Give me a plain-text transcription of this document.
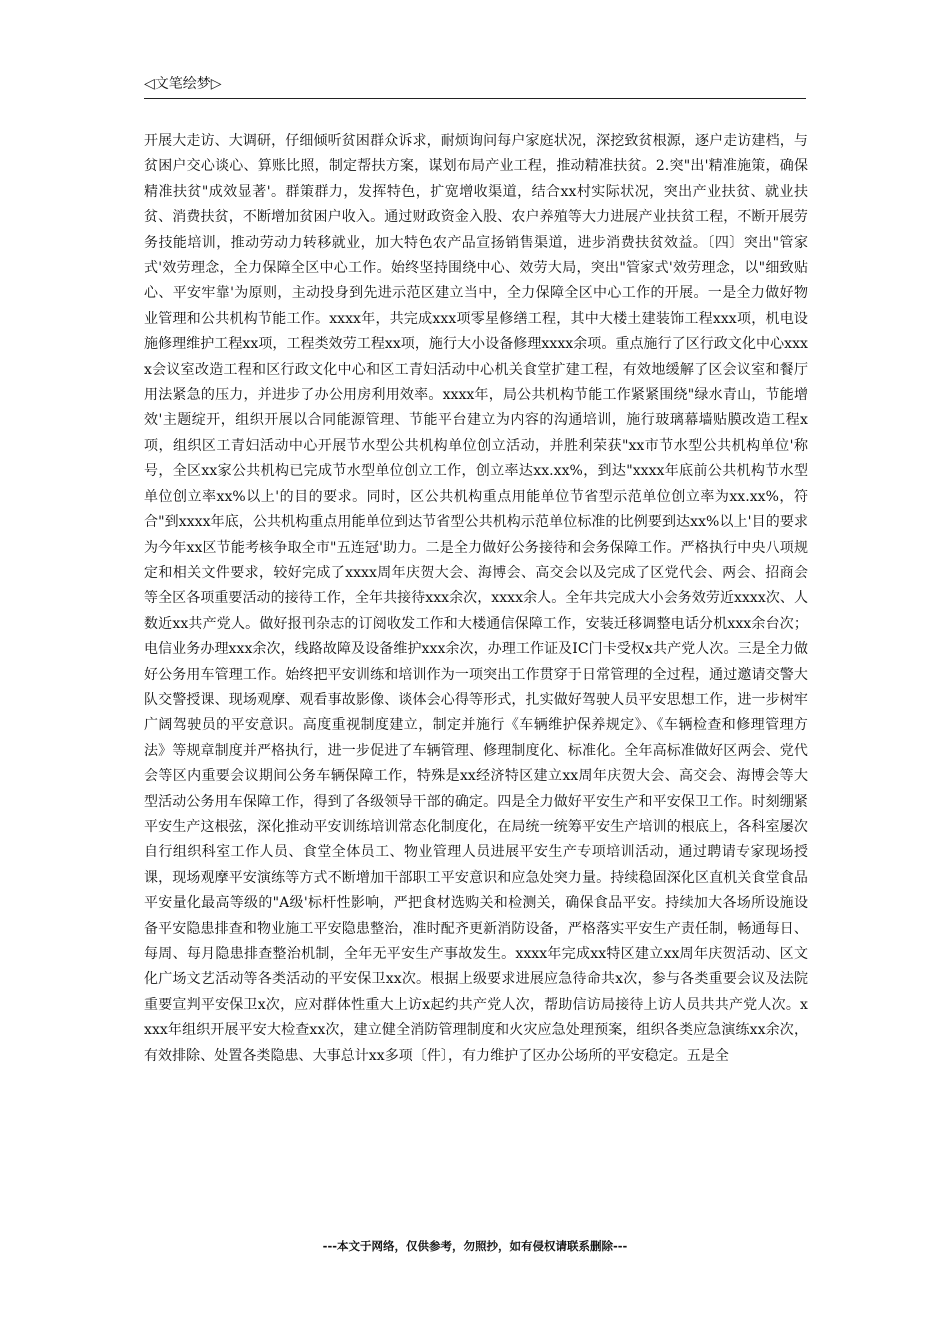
◁文笔绘梦▷

开展大走访、大调研，仔细倾听贫困群众诉求，耐烦询问每户家庭状况，深挖致贫根源，逐户走访建档，与贫困户交心谈心、算账比照，制定帮扶方案，谋划布局产业工程，推动精准扶贫。2.突"出'精准施策，确保精准扶贫"成效显著'。群策群力，发挥特色，扩宽增收渠道，结合xx村实际状况，突出产业扶贫、就业扶贫、消费扶贫，不断增加贫困户收入。通过财政资金入股、农户养殖等大力进展产业扶贫工程，不断开展劳务技能培训，推动劳动力转移就业，加大特色农产品宣扬销售渠道，进步消费扶贫效益。〔四〕突出"管家式'效劳理念，全力保障全区中心工作。始终坚持围绕中心、效劳大局，突出"管家式'效劳理念，以"细致贴心、平安牢靠'为原则，主动投身到先进示范区建立当中，全力保障全区中心工作的开展。一是全力做好物业管理和公共机构节能工作。xxxx年，共完成xxx项零星修缮工程，其中大楼土建装饰工程xxx项，机电设施修理维护工程xx项，工程类效劳工程xx项，施行大小设备修理xxxx余项。重点施行了区行政文化中心xxxx会议室改造工程和区行政文化中心和区工青妇活动中心机关食堂扩建工程，有效地缓解了区会议室和餐厅用法紧急的压力，并进步了办公用房利用效率。xxxx年，局公共机构节能工作紧紧围绕"绿水青山，节能增效'主题绽开，组织开展以合同能源管理、节能平台建立为内容的沟通培训，施行玻璃幕墙贴膜改造工程x项，组织区工青妇活动中心开展节水型公共机构单位创立活动，并胜利荣获"xx市节水型公共机构单位'称号，全区xx家公共机构已完成节水型单位创立工作，创立率达xx.xx%，到达"xxxx年底前公共机构节水型单位创立率xx%以上'的目的要求。同时，区公共机构重点用能单位节省型示范单位创立率为xx.xx%，符合"到xxxx年底，公共机构重点用能单位到达节省型公共机构示范单位标准的比例要到达xx%以上'目的要求为今年xx区节能考核争取全市"五连冠'助力。二是全力做好公务接待和会务保障工作。严格执行中央八项规定和相关文件要求，较好完成了xxxx周年庆贺大会、海博会、高交会以及完成了区党代会、两会、招商会等全区各项重要活动的接待工作，全年共接待xxx余次，xxxx余人。全年共完成大小会务效劳近xxxx次、人数近xx共产党人。做好报刊杂志的订阅收发工作和大楼通信保障工作，安装迁移调整电话分机xxx余台次；电信业务办理xxx余次，线路故障及设备维护xxx余次，办理工作证及IC门卡受权x共产党人次。三是全力做好公务用车管理工作。始终把平安训练和培训作为一项突出工作贯穿于日常管理的全过程，通过邀请交警大队交警授课、现场观摩、观看事故影像、谈体会心得等形式，扎实做好驾驶人员平安思想工作，进一步树牢广阔驾驶员的平安意识。高度重视制度建立，制定并施行《车辆维护保养规定》、《车辆检查和修理管理方法》等规章制度并严格执行，进一步促进了车辆管理、修理制度化、标准化。全年高标准做好区两会、党代会等区内重要会议期间公务车辆保障工作，特殊是xx经济特区建立xx周年庆贺大会、高交会、海博会等大型活动公务用车保障工作，得到了各级领导干部的确定。四是全力做好平安生产和平安保卫工作。时刻绷紧平安生产这根弦，深化推动平安训练培训常态化制度化，在局统一统筹平安生产培训的根底上，各科室屡次自行组织科室工作人员、食堂全体员工、物业管理人员进展平安生产专项培训活动，通过聘请专家现场授课，现场观摩平安演练等方式不断增加干部职工平安意识和应急处突力量。持续稳固深化区直机关食堂食品平安量化最高等级的"A级'标杆性影响，严把食材选购关和检测关，确保食品平安。持续加大各场所设施设备平安隐患排查和物业施工平安隐患整治，准时配齐更新消防设备，严格落实平安生产责任制，畅通每日、每周、每月隐患排查整治机制，全年无平安生产事故发生。xxxx年完成xx特区建立xx周年庆贺活动、区文化广场文艺活动等各类活动的平安保卫xx次。根据上级要求进展应急待命共x次，参与各类重要会议及法院重要宣判平安保卫x次，应对群体性重大上访x起约共产党人次，帮助信访局接待上访人员共共产党人次。xxxx年组织开展平安大检查xx次，建立健全消防管理制度和火灾应急处理预案，组织各类应急演练xx余次，有效排除、处置各类隐患、大事总计xx多项〔件〕，有力维护了区办公场所的平安稳定。五是全

---本文于网络，仅供参考，勿照抄，如有侵权请联系删除---
